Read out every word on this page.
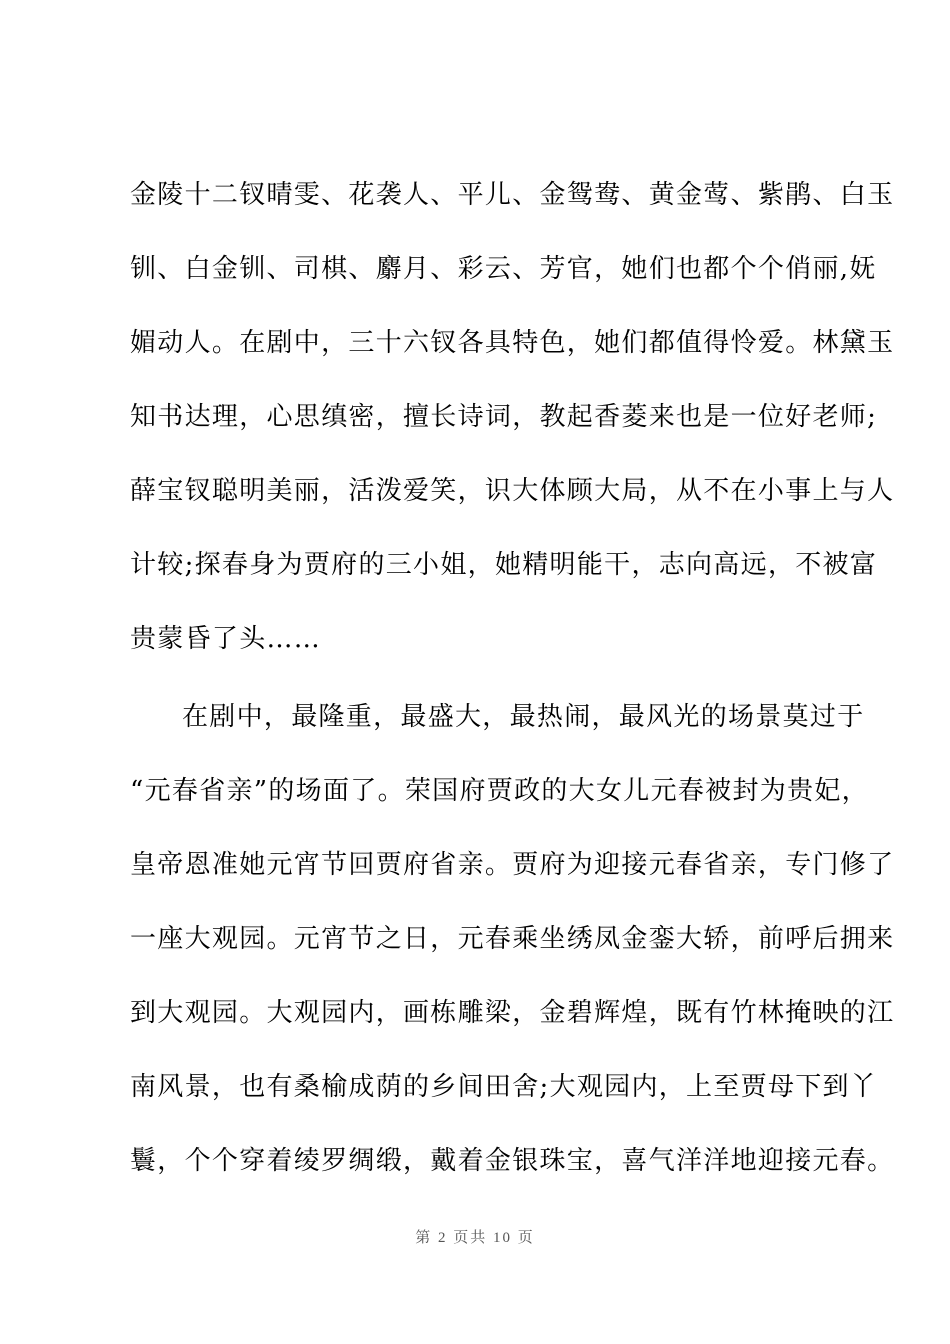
金陵十二钗晴雯、花袭人、平儿、金鸳鸯、黄金莺、紫鹃、白玉
钏、白金钏、司棋、麝月、彩云、芳官，她们也都个个俏丽,妩
媚动人。在剧中，三十六钗各具特色，她们都值得怜爱。林黛玉
知书达理，心思缜密，擅长诗词，教起香菱来也是一位好老师;
薛宝钗聪明美丽，活泼爱笑，识大体顾大局，从不在小事上与人
计较;探春身为贾府的三小姐，她精明能干，志向高远，不被富
贵蒙昏了头……
在剧中，最隆重，最盛大，最热闹，最风光的场景莫过于
“元春省亲”的场面了。荣国府贾政的大女儿元春被封为贵妃，
皇帝恩准她元宵节回贾府省亲。贾府为迎接元春省亲，专门修了
一座大观园。元宵节之日，元春乘坐绣凤金銮大轿，前呼后拥来
到大观园。大观园内，画栋雕梁，金碧辉煌，既有竹林掩映的江
南风景，也有桑榆成荫的乡间田舍;大观园内，上至贾母下到丫
鬟，个个穿着绫罗绸缎，戴着金银珠宝，喜气洋洋地迎接元春。
第 2 页共 10 页
